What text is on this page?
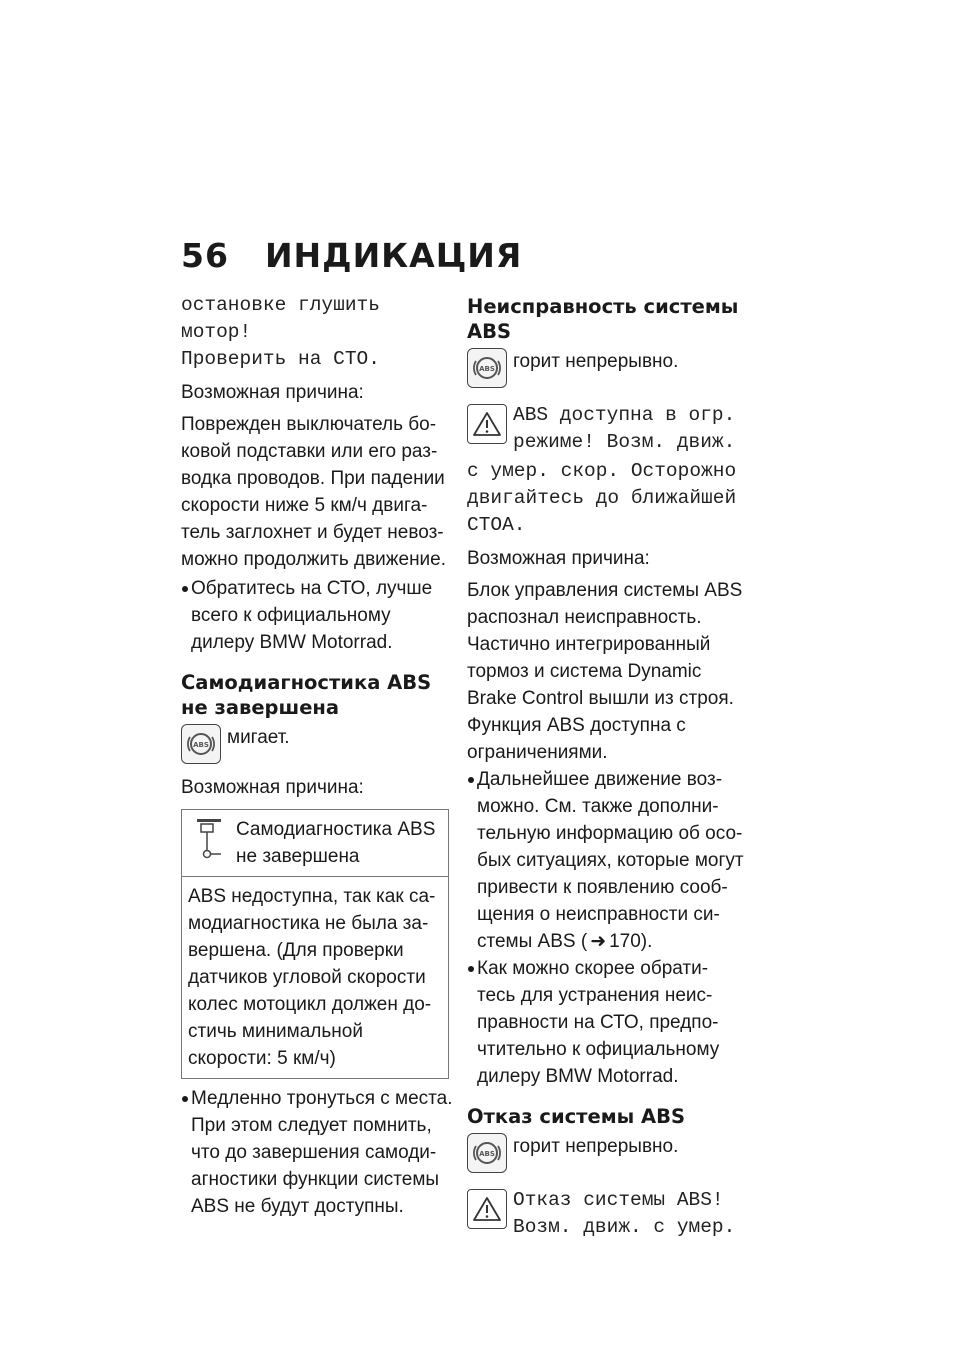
56 ИНДИКАЦИЯ
остановке глушить мотор!
Проверить на СТО.

Возможная причина:

Поврежден выключатель бо-ковой подставки или его раз-водка проводов. При падении скорости ниже 5 км/ч двига-тель заглохнет и будет невоз-можно продолжить движение.

Обратитесь на СТО, лучше всего к официальному дилеру BMW Motorrad.

Самодиагностика ABS не завершена
ABS мигает.
Возможная причина:
Самодиагностика ABS не завершена
ABS недоступна, так как са-модиагностика не была за-вершена. (Для проверки датчиков угловой скорости колес мотоцикл должен до-стичь минимальной скорости: 5 км/ч)

Медленно тронуться с места. При этом следует помнить, что до завершения самоди-агностики функции системы ABS не будут доступны.

Неисправность системы ABS
ABS горит непрерывно.
ABS доступна в огр.
режиме! Возм. движ.
с умер. скор. Осторожно двигайтесь до ближайшей СТОА.

Возможная причина:

Блок управления системы ABS распознал неисправность. Частично интегрированный тормоз и система Dynamic Brake Control вышли из строя. Функция ABS доступна с ограничениями.

Дальнейшее движение воз-можно. См. также дополни-тельную информацию об осо-бых ситуациях, которые могут привести к появлению сооб-щения о неисправности си-стемы ABS ( ➜ 170).

Как можно скорее обрати-тесь для устранения неис-правности на СТО, предпо-чтительно к официальному дилеру BMW Motorrad.

Отказ системы ABS
ABS горит непрерывно.
Отказ системы ABS!
Возм. движ. с умер.
